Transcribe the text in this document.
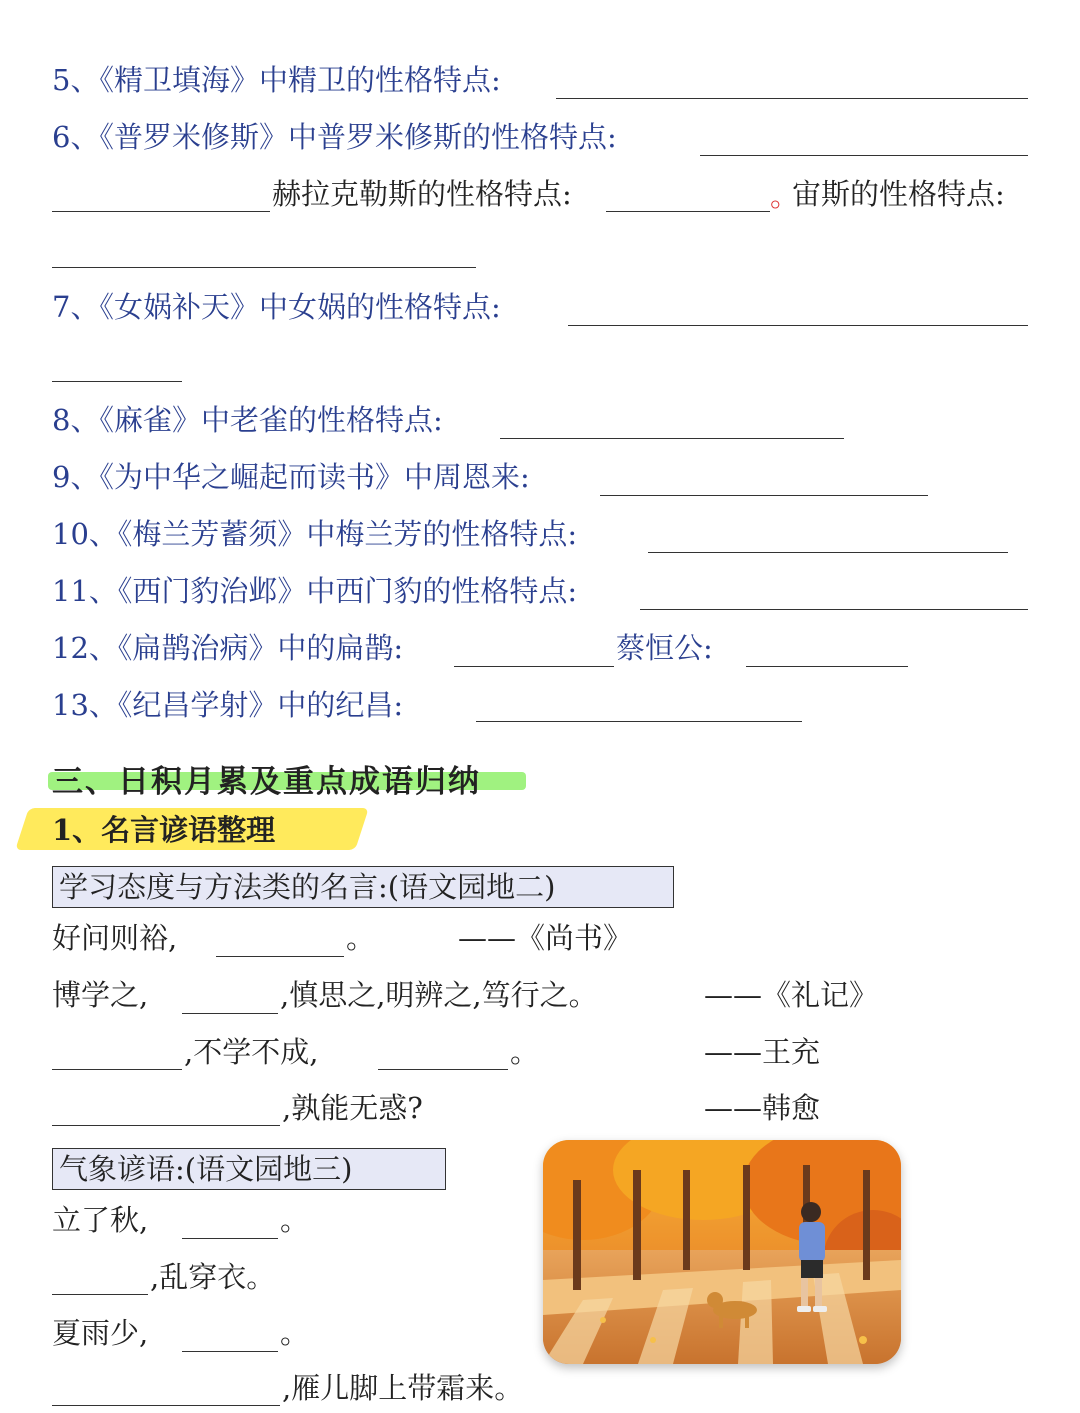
5、《精卫填海》中精卫的性格特点:
6、《普罗米修斯》中普罗米修斯的性格特点:
赫拉克勒斯的性格特点:	。
宙斯的性格特点:
7、《女娲补天》中女娲的性格特点:
8、《麻雀》中老雀的性格特点:
9、《为中华之崛起而读书》中周恩来:
10、《梅兰芳蓄须》中梅兰芳的性格特点:
11、《西门豹治邺》中西门豹的性格特点:
12、《扁鹊治病》中的扁鹊:	蔡恒公:
13、《纪昌学射》中的纪昌:
三、日积月累及重点成语归纳
1、名言谚语整理
学习态度与方法类的名言:(语文园地二)
好问则裕,	。	——《尚书》
博学之,	,慎思之,明辨之,笃行之。	——《礼记》
,不学不成,	。	——王充
,孰能无惑?	——韩愈
气象谚语:(语文园地三)
立了秋,	。
,乱穿衣。
夏雨少,	。
,雁儿脚上带霜来。
